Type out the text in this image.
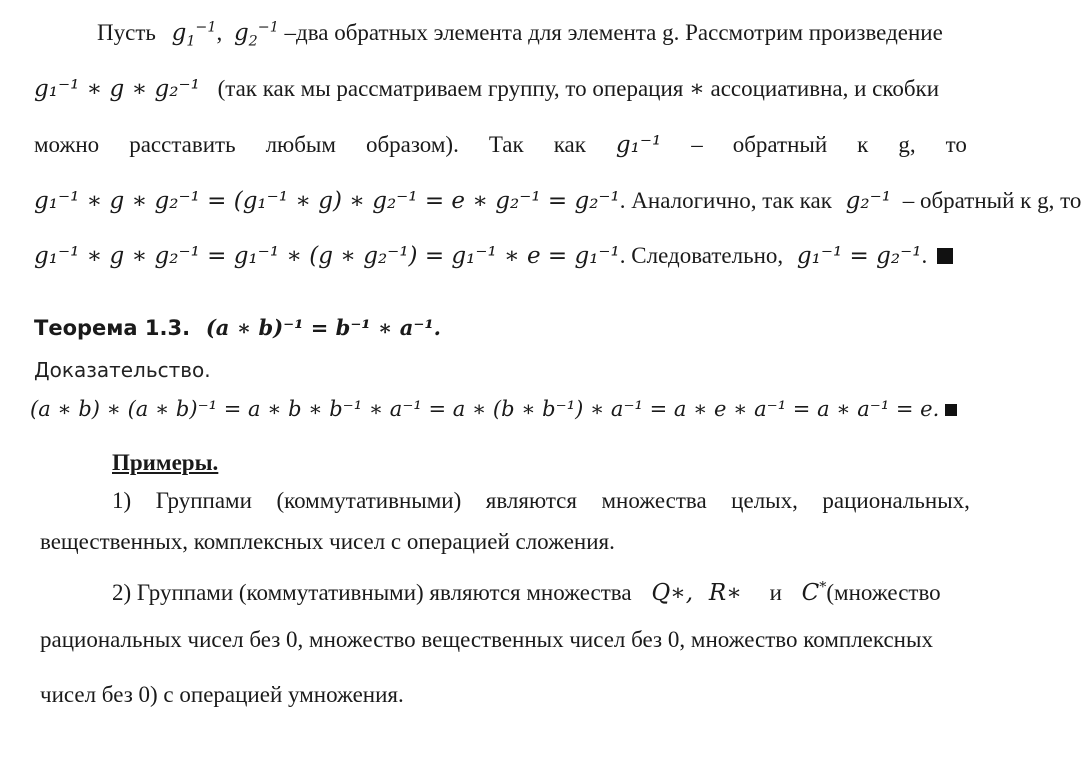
Пусть $g_1^{-1}$, $g_2^{-1}$ –два обратных элемента для элемента g. Рассмотрим произведение
g₁⁻¹ ∗ g ∗ g₂⁻¹ (так как мы рассматриваем группу, то операция ∗ ассоциативна, и скобки
можно расставить любым образом). Так как g₁⁻¹ – обратный к g, то
g₁⁻¹ ∗ g ∗ g₂⁻¹ = (g₁⁻¹ ∗ g) ∗ g₂⁻¹ = e ∗ g₂⁻¹ = g₂⁻¹. Аналогично, так как g₂⁻¹ – обратный к g, то
g₁⁻¹ ∗ g ∗ g₂⁻¹ = g₁⁻¹ ∗ (g ∗ g₂⁻¹) = g₁⁻¹ ∗ e = g₁⁻¹. Следовательно, g₁⁻¹ = g₂⁻¹.
Теорема 1.3. (𝒂 ∗ 𝒃)⁻¹ = 𝒃⁻¹ ∗ 𝒂⁻¹.
Доказательство.
(𝑎 ∗ 𝑏) ∗ (𝑎 ∗ 𝑏)⁻¹ = 𝑎 ∗ 𝑏 ∗ 𝑏⁻¹ ∗ 𝑎⁻¹ = 𝑎 ∗ (𝑏 ∗ 𝑏⁻¹) ∗ 𝑎⁻¹ = 𝑎 ∗ 𝑒 ∗ 𝑎⁻¹ = 𝑎 ∗ 𝑎⁻¹ = 𝑒.
Примеры.
1) Группами (коммутативными) являются множества целых, рациональных,
вещественных, комплексных чисел с операцией сложения.
2) Группами (коммутативными) являются множества Q∗, R∗ и C*(множество
рациональных чисел без 0, множество вещественных чисел без 0, множество комплексных
чисел без 0) с операцией умножения.
